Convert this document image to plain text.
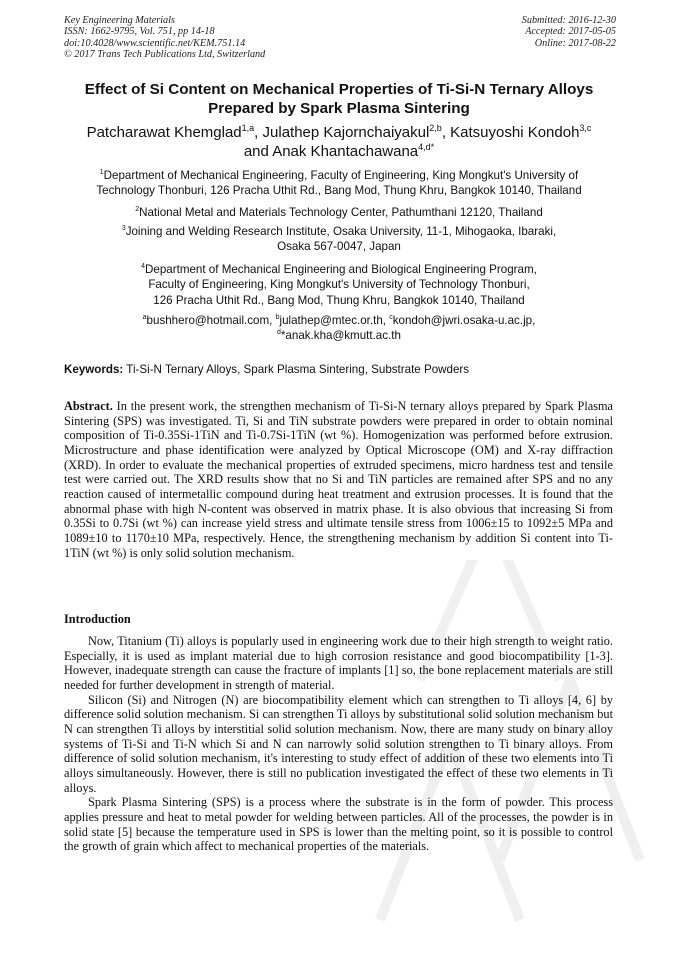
Key Engineering Materials
ISSN: 1662-9795, Vol. 751, pp 14-18
doi:10.4028/www.scientific.net/KEM.751.14
© 2017 Trans Tech Publications Ltd, Switzerland
Submitted: 2016-12-30
Accepted: 2017-05-05
Online: 2017-08-22
Effect of Si Content on Mechanical Properties of Ti-Si-N Ternary Alloys
Prepared by Spark Plasma Sintering
Patcharawat Khemglad$^{1,a}$, Julathep Kajornchaiyakul$^{2,b}$, Katsuyoshi Kondoh$^{3,c}$
and Anak Khantachawana$^{4,d*}$
$^1$Department of Mechanical Engineering, Faculty of Engineering, King Mongkut's University of
Technology Thonburi, 126 Pracha Uthit Rd., Bang Mod, Thung Khru, Bangkok 10140, Thailand
$^2$National Metal and Materials Technology Center, Pathumthani 12120, Thailand
$^3$Joining and Welding Research Institute, Osaka University, 11-1, Mihogaoka, Ibaraki,
Osaka 567-0047, Japan
$^4$Department of Mechanical Engineering and Biological Engineering Program,
Faculty of Engineering, King Mongkut's University of Technology Thonburi,
126 Pracha Uthit Rd., Bang Mod, Thung Khru, Bangkok 10140, Thailand
$^a$bushhero@hotmail.com, $^b$julathep@mtec.or.th, $^c$kondoh@jwri.osaka-u.ac.jp,
$^d$*anak.kha@kmutt.ac.th
Keywords: Ti-Si-N Ternary Alloys, Spark Plasma Sintering, Substrate Powders
Abstract. In the present work, the strengthen mechanism of Ti-Si-N ternary alloys prepared by Spark Plasma Sintering (SPS) was investigated. Ti, Si and TiN substrate powders were prepared in order to obtain nominal composition of Ti-0.35Si-1TiN and Ti-0.7Si-1TiN (wt %). Homogenization was performed before extrusion. Microstructure and phase identification were analyzed by Optical Microscope (OM) and X-ray diffraction (XRD). In order to evaluate the mechanical properties of extruded specimens, micro hardness test and tensile test were carried out. The XRD results show that no Si and TiN particles are remained after SPS and no any reaction caused of intermetallic compound during heat treatment and extrusion processes. It is found that the abnormal phase with high N-content was observed in matrix phase. It is also obvious that increasing Si from 0.35Si to 0.7Si (wt %) can increase yield stress and ultimate tensile stress from 1006±15 to 1092±5 MPa and 1089±10 to 1170±10 MPa, respectively. Hence, the strengthening mechanism by addition Si content into Ti-1TiN (wt %) is only solid solution mechanism.
Introduction

Now, Titanium (Ti) alloys is popularly used in engineering work due to their high strength to weight ratio. Especially, it is used as implant material due to high corrosion resistance and good biocompatibility [1-3]. However, inadequate strength can cause the fracture of implants [1] so, the bone replacement materials are still needed for further development in strength of material.

Silicon (Si) and Nitrogen (N) are biocompatibility element which can strengthen to Ti alloys [4, 6] by difference solid solution mechanism. Si can strengthen Ti alloys by substitutional solid solution mechanism but N can strengthen Ti alloys by interstitial solid solution mechanism. Now, there are many study on binary alloy systems of Ti-Si and Ti-N which Si and N can narrowly solid solution strengthen to Ti binary alloys. From difference of solid solution mechanism, it's interesting to study effect of addition of these two elements into Ti alloys simultaneously. However, there is still no publication investigated the effect of these two elements in Ti alloys.

Spark Plasma Sintering (SPS) is a process where the substrate is in the form of powder. This process applies pressure and heat to metal powder for welding between particles. All of the processes, the powder is in solid state [5] because the temperature used in SPS is lower than the melting point, so it is possible to control the growth of grain which affect to mechanical properties of the materials.
